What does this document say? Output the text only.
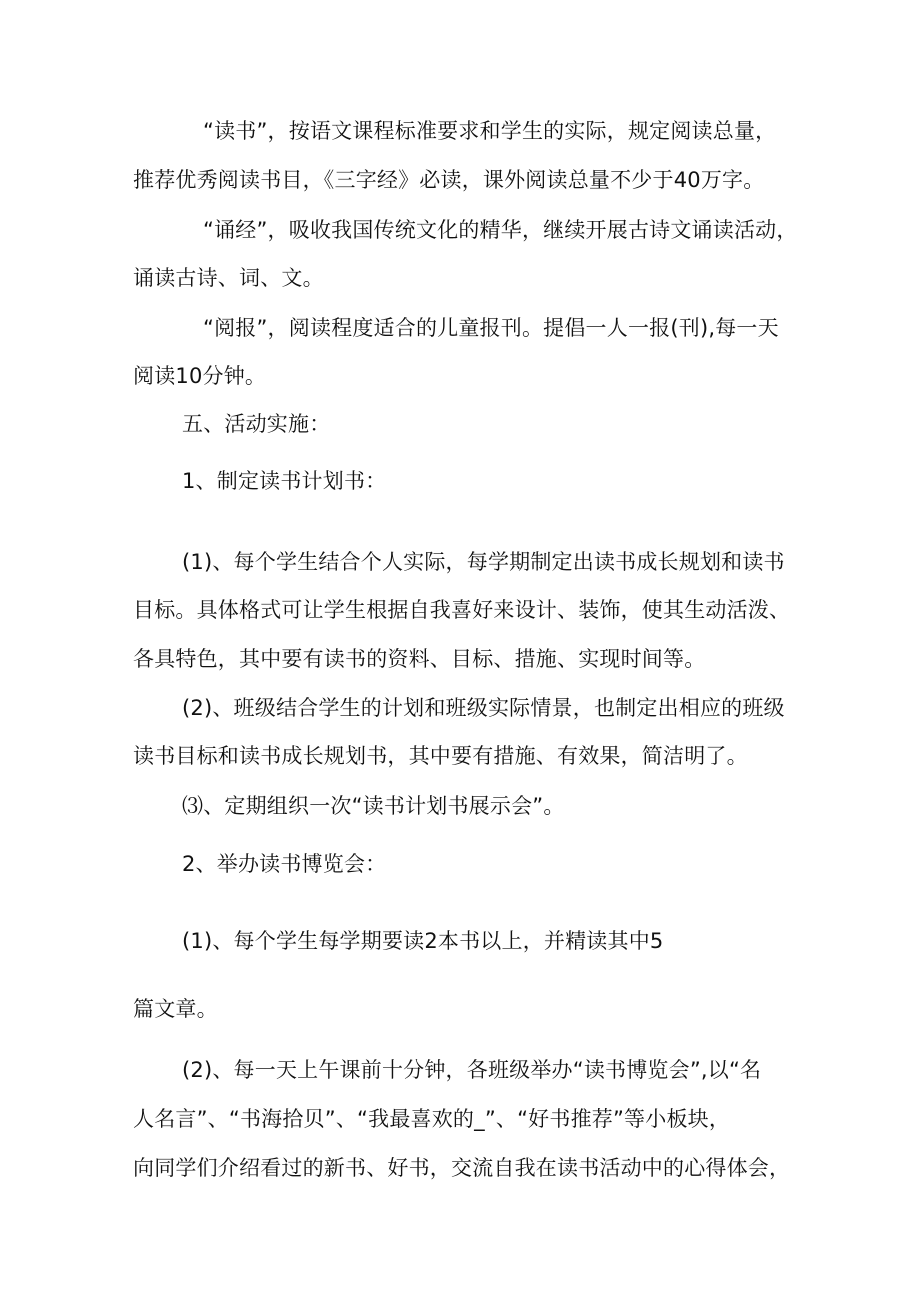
“读书”，按语文课程标准要求和学生的实际，规定阅读总量，
推荐优秀阅读书目，《三字经》必读，课外阅读总量不少于40万字。
“诵经”，吸收我国传统文化的精华，继续开展古诗文诵读活动，
诵读古诗、词、文。
“阅报”，阅读程度适合的儿童报刊。提倡一人一报(刊),每一天
阅读10分钟。
五、活动实施：
1、制定读书计划书：
(1)、每个学生结合个人实际，每学期制定出读书成长规划和读书
目标。具体格式可让学生根据自我喜好来设计、装饰，使其生动活泼、
各具特色，其中要有读书的资料、目标、措施、实现时间等。
(2)、班级结合学生的计划和班级实际情景，也制定出相应的班级
读书目标和读书成长规划书，其中要有措施、有效果，简洁明了。
⑶、定期组织一次“读书计划书展示会”。
2、举办读书博览会：
(1)、每个学生每学期要读2本书以上，并精读其中5
篇文章。
(2)、每一天上午课前十分钟，各班级举办“读书博览会”,以“名
人名言”、“书海拾贝”、“我最喜欢的_”、“好书推荐”等小板块，
向同学们介绍看过的新书、好书，交流自我在读书活动中的心得体会，
